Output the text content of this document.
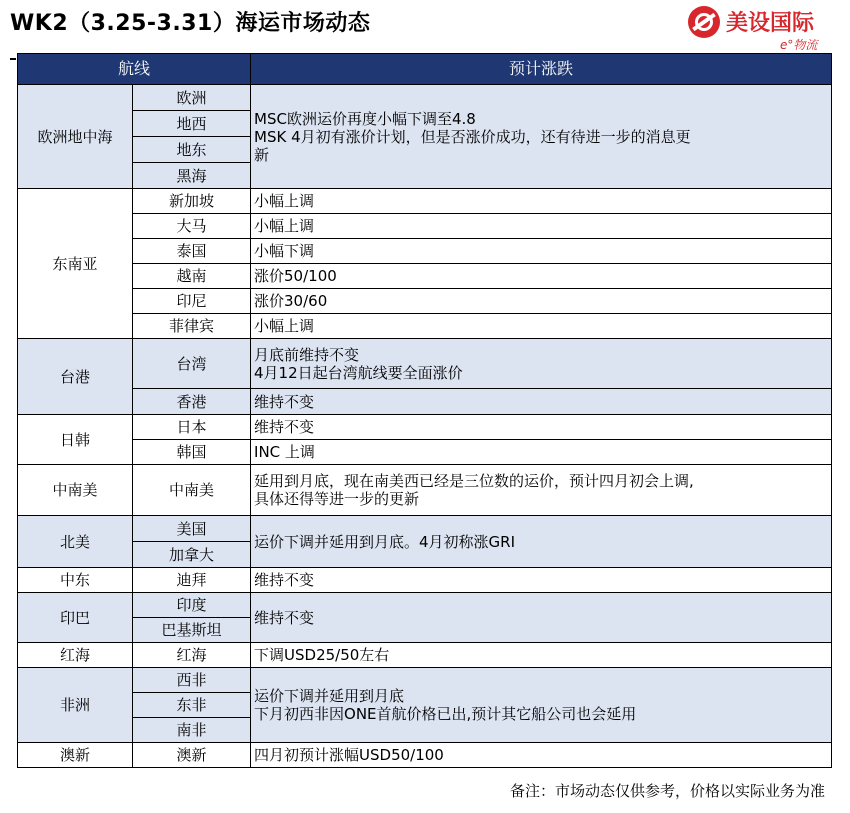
WK2（3.25-3.31）海运市场动态	美设国际
e°物流
航线		预计涨跌
欧洲地中海	欧洲	MSC欧洲运价再度小幅下调至4.8
MSK 4月初有涨价计划，但是否涨价成功，还有待进一步的消息更
新

	地西	
	地东	
	黑海	
东南亚	新加坡	小幅上调
	大马	小幅上调
	泰国	小幅下调
	越南	涨价50/100
	印尼	涨价30/60
	菲律宾	小幅上调
台港	台湾	月底前维持不变
4月12日起台湾航线要全面涨价

	香港	维持不变
日韩	日本	维持不变
	韩国	INC 上调
中南美	中南美	延用到月底，现在南美西已经是三位数的运价，预计四月初会上调,
具体还得等进一步的更新

北美	美国	运价下调并延用到月底。4月初称涨GRI
	加拿大	
中东	迪拜	维持不变
印巴	印度	维持不变
	巴基斯坦	
红海	红海	下调USD25/50左右
非洲	西非	运价下调并延用到月底
下月初西非因ONE首航价格已出,预计其它船公司也会延用

	东非	
	南非	
澳新	澳新	四月初预计涨幅USD50/100
备注：市场动态仅供参考，价格以实际业务为准
